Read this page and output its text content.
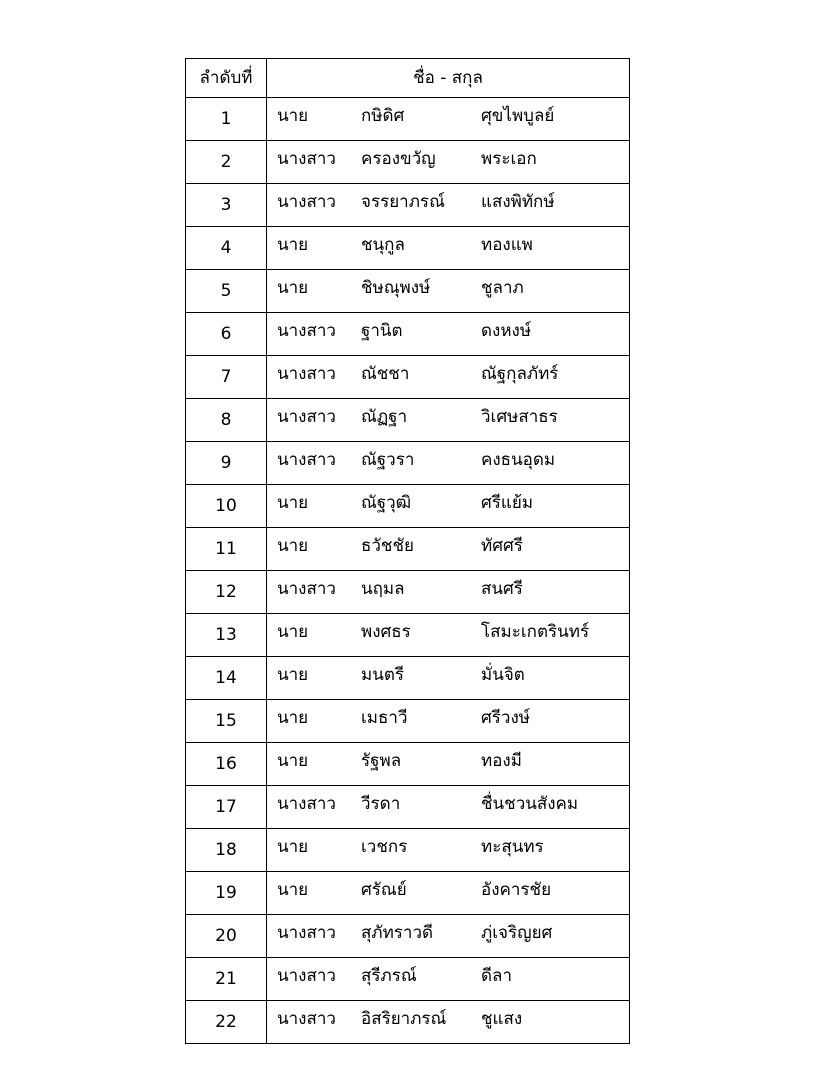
ลำดับที่	ชื่อ - สกุล
1	นาย กษิดิศ ศุขไพบูลย์

2	นางสาว ครองขวัญ พระเอก

3	นางสาว จรรยาภรณ์ แสงพิทักษ์

4	นาย ชนุกูล ทองแพ

5	นาย ชิษณุพงษ์ ชูลาภ

6	นางสาว ฐานิต ดงหงษ์

7	นางสาว ณัชชา ณัฐกุลภัทร์

8	นางสาว ณัฏฐา วิเศษสาธร

9	นางสาว ณัฐวรา คงธนอุดม

10	นาย ณัฐวุฒิ ศรีแย้ม

11	นาย ธวัชชัย ทัศศรี

12	นางสาว นฤมล สนศรี

13	นาย พงศธร โสมะเกตรินทร์

14	นาย มนตรี มั่นจิต

15	นาย เมธาวี ศรีวงษ์

16	นาย รัฐพล ทองมี

17	นางสาว วีรดา ชื่นชวนสังคม

18	นาย เวชกร ทะสุนทร

19	นาย ศรัณย์ อังคารชัย

20	นางสาว สุภัทราวดี ภู่เจริญยศ

21	นางสาว สุรีภรณ์ ดีลา

22	นางสาว อิสริยาภรณ์ ชูแสง
